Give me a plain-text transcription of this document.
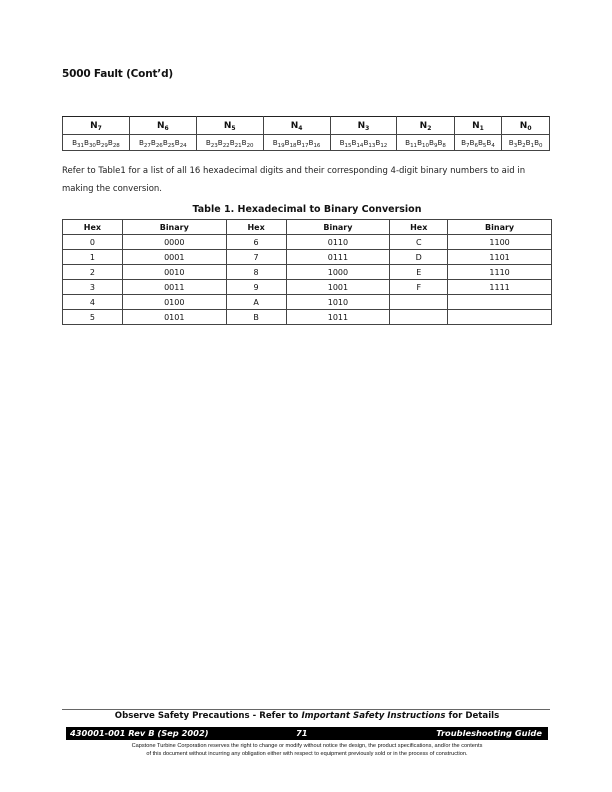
5000 Fault (Cont’d)
$N_7$	$N_6$	$N_5$	$N_4$	$N_3$	$N_2$	$N_1$	$N_0$
$B_{31}B_{30}B_{29}B_{28}$	$B_{27}B_{26}B_{25}B_{24}$	$B_{23}B_{22}B_{21}B_{20}$	$B_{19}B_{18}B_{17}B_{16}$	$B_{15}B_{14}B_{13}B_{12}$	$B_{11}B_{10}B_9B_8$	$B_7B_6B_5B_4$	$B_3B_2B_1B_0$

Refer to Table1 for a list of all 16 hexadecimal digits and their corresponding 4-digit binary numbers to aid in making the conversion.

Table 1. Hexadecimal to Binary Conversion
Hex	Binary	Hex	Binary	Hex	Binary
0	0000	6	0110	C	1100
1	0001	7	0111	D	1101
2	0010	8	1000	E	1110
3	0011	9	1001	F	1111
4	0100	A	1010		
5	0101	B	1011		
Observe Safety Precautions - Refer to Important Safety Instructions for Details
430001-001 Rev B (Sep 2002)	71	Troubleshooting Guide
Capstone Turbine Corporation reserves the right to change or modify without notice the design, the product specifications, and/or the contents
of this document without incurring any obligation either with respect to equipment previously sold or in the process of construction.
